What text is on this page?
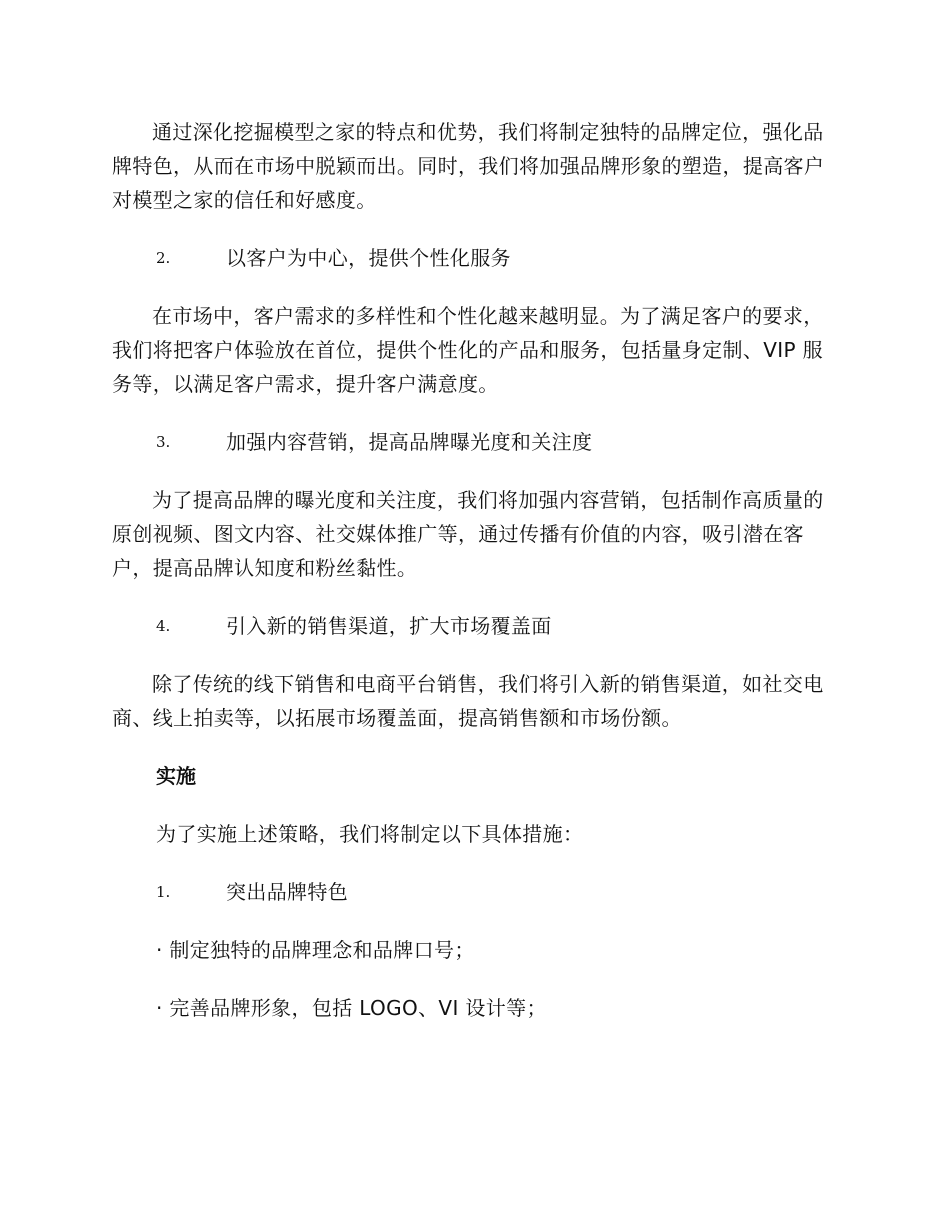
通过深化挖掘模型之家的特点和优势，我们将制定独特的品牌定位，强化品牌特色，从而在市场中脱颖而出。同时，我们将加强品牌形象的塑造，提高客户对模型之家的信任和好感度。

2.	以客户为中心，提供个性化服务

在市场中，客户需求的多样性和个性化越来越明显。为了满足客户的要求，我们将把客户体验放在首位，提供个性化的产品和服务，包括量身定制、VIP 服务等，以满足客户需求，提升客户满意度。

3.	加强内容营销，提高品牌曝光度和关注度

为了提高品牌的曝光度和关注度，我们将加强内容营销，包括制作高质量的原创视频、图文内容、社交媒体推广等，通过传播有价值的内容，吸引潜在客户，提高品牌认知度和粉丝黏性。

4.	引入新的销售渠道，扩大市场覆盖面

除了传统的线下销售和电商平台销售，我们将引入新的销售渠道，如社交电商、线上拍卖等，以拓展市场覆盖面，提高销售额和市场份额。

实施
为了实施上述策略，我们将制定以下具体措施：
1.	突出品牌特色
· 制定独特的品牌理念和品牌口号；
· 完善品牌形象，包括 LOGO、VI 设计等；
